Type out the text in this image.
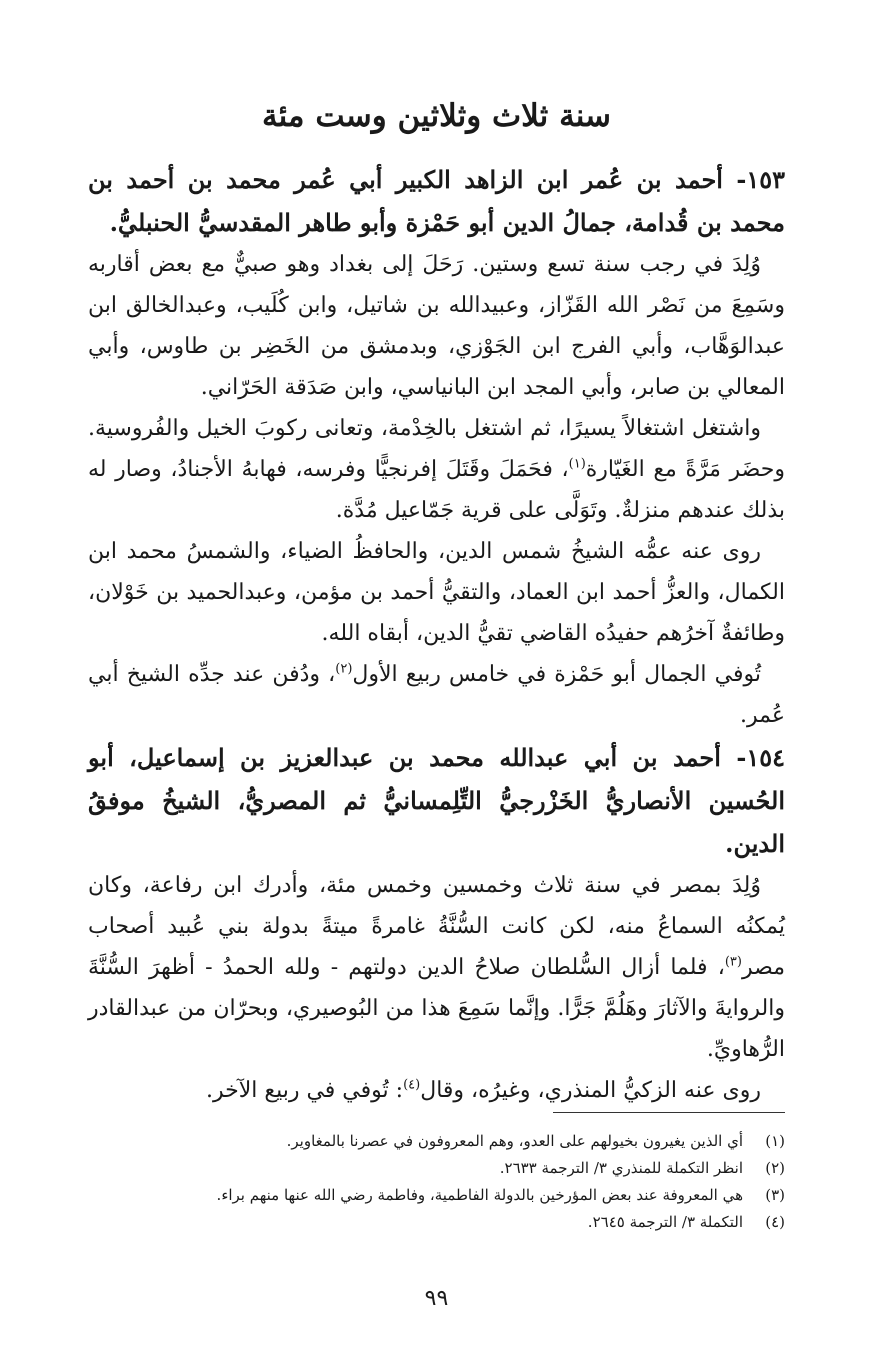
سنة ثلاث وثلاثين وست مئة

١٥٣- أحمد بن عُمر ابن الزاهد الكبير أبي عُمر محمد بن أحمد بن محمد بن قُدامة، جمالُ الدين أبو حَمْزة وأبو طاهر المقدسيُّ الحنبليُّ.

وُلِدَ في رجب سنة تسع وستين. رَحَلَ إلى بغداد وهو صبيٌّ مع بعض أقاربه وسَمِعَ من نَصْر الله القَزّاز، وعبيدالله بن شاتيل، وابن كُلَيب، وعبدالخالق ابن عبدالوَهَّاب، وأبي الفرج ابن الجَوْزي، وبدمشق من الخَضِر بن طاوس، وأبي المعالي بن صابر، وأبي المجد ابن البانياسي، وابن صَدَقة الحَرّاني.

واشتغل اشتغالاً يسيرًا، ثم اشتغل بالخِدْمة، وتعانى ركوبَ الخيل والفُروسية. وحضَر مَرَّةً مع الغَيّارة$^{(١)}$، فحَمَلَ وقَتَلَ إفرنجيًّا وفرسه، فهابهُ الأجنادُ، وصار له بذلك عندهم منزلةٌ. وتَوَلَّى على قرية جَمّاعيل مُدَّة.

روى عنه عمُّه الشيخُ شمس الدين، والحافظُ الضياء، والشمسُ محمد ابن الكمال، والعزُّ أحمد ابن العماد، والتقيُّ أحمد بن مؤمن، وعبدالحميد بن خَوْلان، وطائفةٌ آخرُهم حفيدُه القاضي تقيُّ الدين، أبقاه الله.

تُوفي الجمال أبو حَمْزة في خامس ربيع الأول$^{(٢)}$، ودُفن عند جدِّه الشيخ أبي عُمر.

١٥٤- أحمد بن أبي عبدالله محمد بن عبدالعزيز بن إسماعيل، أبو الحُسين الأنصاريُّ الخَزْرجيُّ التِّلِمسانيُّ ثم المصريُّ، الشيخُ موفقُ الدين.

وُلِدَ بمصر في سنة ثلاث وخمسين وخمس مئة، وأدرك ابن رفاعة، وكان يُمكنُه السماعُ منه، لكن كانت السُّنَّةُ غامرةً ميتةً بدولة بني عُبيد أصحاب مصر$^{(٣)}$، فلما أزال السُّلطان صلاحُ الدين دولتهم - ولله الحمدُ - أظهرَ السُّنَّةَ والروايةَ والآثارَ وهَلُمَّ جَرًّا. وإنَّما سَمِعَ هذا من البُوصيري، وبحرّان من عبدالقادر الرُّهاويِّ.

روى عنه الزكيُّ المنذري، وغيرُه، وقال$^{(٤)}$: تُوفي في ربيع الآخر.

(١)
أي الذين يغيرون بخيولهم على العدو، وهم المعروفون في عصرنا بالمغاوير.
(٢)
انظر التكملة للمنذري ٣/ الترجمة ٢٦٣٣.
(٣)
هي المعروفة عند بعض المؤرخين بالدولة الفاطمية، وفاطمة رضي الله عنها منهم براء.
(٤)
التكملة ٣/ الترجمة ٢٦٤٥.
٩٩
